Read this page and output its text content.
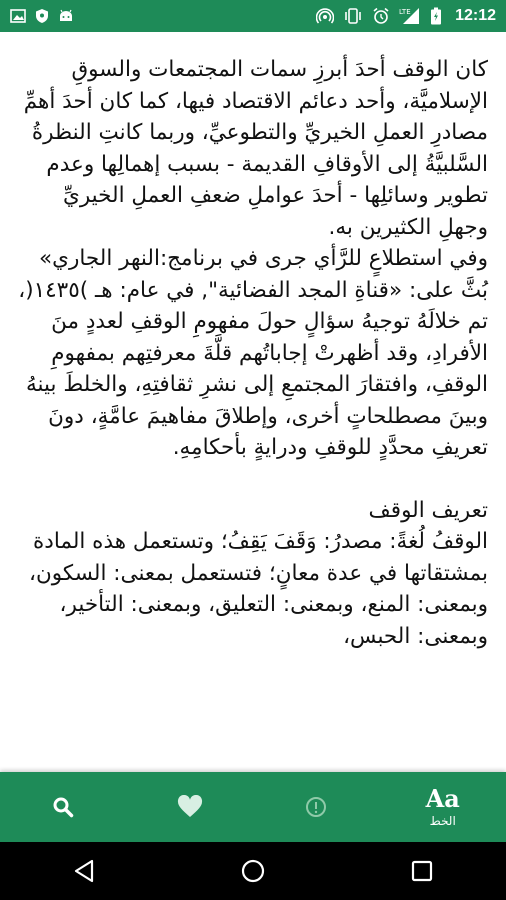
LTE	12:12

كان الوقف أحدَ أبرزِ سمات المجتمعات والسوقِ الإسلاميَّة، وأحد دعائم الاقتصاد فيها، كما كان أحدَ أهمِّ مصادرِ العملِ الخيريِّ والتطوعيِّ، وربما كانتِ النظرةُ السَّلبيَّةُ إلى الأوقافِ القديمة - بسبب إهمالِها وعدم تطوير وسائلِها - أحدَ عواملِ ضعفِ العملِ الخيريِّ وجهلِ الكثيرين به.

وفي استطلاعٍ للرَّأي جرى في برنامج:النهر الجاري» بُثَّ على: «قناةِ المجد الفضائية", في عام: هـ )١٤٣٥(، تم خلالَهُ توجيهُ سؤالٍ حولَ مفهومِ الوقفِ لعددٍ منَ الأفرادِ، وقد أظهرتْ إجاباتُهم قلَّةَ معرفتِهم بمفهومِ الوقفِ، وافتقارَ المجتمعِ إلى نشرِ ثقافتِهِ، والخلطَ بينهُ وبينَ مصطلحاتٍ أخرى، وإطلاقَ مفاهيمَ عامَّةٍ، دونَ تعريفِ محدَّدٍ للوقفِ ودرايةٍ بأحكامِهِ.

تعريف الوقف

الوقفُ لُغةً: مصدرُ: وَقَفَ يَقِفُ؛ وتستعمل هذه المادة بمشتقاتها في عدة معانٍ؛ فتستعمل بمعنى: السكون، وبمعنى: المنع، وبمعنى: التعليق، وبمعنى: التأخير، وبمعنى: الحبس،

Aa
الخط
